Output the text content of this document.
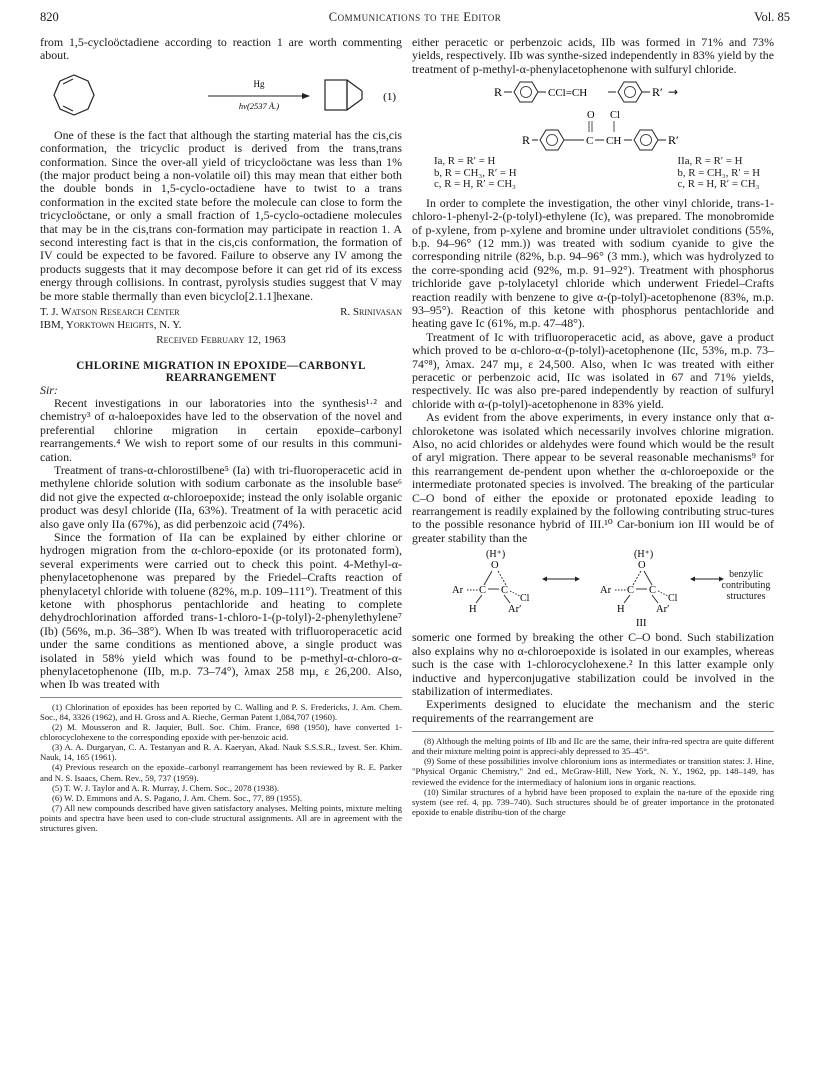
820	Communications to the Editor	Vol. 85

from 1,5-cycloöctadiene according to reaction 1 are worth commenting about.

Hg
hν(2537 Å.)
(1)

One of these is the fact that although the starting material has the cis,cis conformation, the tricyclic product is derived from the trans,trans conformation. Since the over-all yield of tricycloöctane was less than 1% (the major product being a non-volatile oil) this may mean that either both the double bonds in 1,5-cyclo-octadiene have to twist to a trans conformation in the excited state before the molecule can close to form the tricycloöctane, or only a small fraction of 1,5-cyclo-octadiene molecules that may be in the cis,trans con-formation may participate in reaction 1. A second interesting fact is that in the cis,cis conformation, the formation of IV could be expected to be favored. Failure to observe any IV among the products suggests that it may decompose before it can get rid of its excess energy through collisions. In contrast, pyrolysis studies suggest that V may be more stable thermally than even bicyclo[2.1.1]hexane.

T. J. Watson Research Center	R. Srinivasan

IBM, Yorktown Heights, N. Y.
Received February 12, 1963
CHLORINE MIGRATION IN EPOXIDE—CARBONYL REARRANGEMENT

Sir:

Recent investigations in our laboratories into the synthesis¹·² and chemistry³ of α-haloepoxides have led to the observation of the novel and preferential chlorine migration in certain epoxide–carbonyl rearrangements.⁴ We wish to report some of our results in this communi-cation.

Treatment of trans-α-chlorostilbene⁵ (Ia) with tri-fluoroperacetic acid in methylene chloride solution with sodium carbonate as the insoluble base⁶ did not give the expected α-chloroepoxide; instead the only isolable organic product was desyl chloride (IIa, 63%). Treatment of Ia with peracetic acid also gave only IIa (67%), as did perbenzoic acid (74%).

Since the formation of IIa can be explained by either chlorine or hydrogen migration from the α-chloro-epoxide (or its protonated form), several experiments were carried out to check this point. 4-Methyl-α-phenylacetophenone was prepared by the Friedel–Crafts reaction of phenylacetyl chloride with toluene (82%, m.p. 109–111°). Treatment of this ketone with phosphorus pentachloride and heating to complete dehydrochlorination afforded trans-1-chloro-1-(p-tolyl)-2-phenylethylene⁷ (Ib) (56%, m.p. 36–38°). When Ib was treated with trifluoroperacetic acid under the same conditions as mentioned above, a single product was isolated in 58% yield which was found to be p-methyl-α-chloro-α-phenylacetophenone (IIb, m.p. 73–74°), λmax 258 mμ, ε 26,200. Also, when Ib was treated with

(1) Chlorination of epoxides has been reported by C. Walling and P. S. Fredericks, J. Am. Chem. Soc., 84, 3326 (1962), and H. Gross and A. Rieche, German Patent 1,084,707 (1960).

(2) M. Mousseron and R. Jaquier, Bull. Soc. Chim. France, 698 (1950), have converted 1-chlorocyclohexene to the corresponding epoxide with per-benzoic acid.

(3) A. A. Durgaryan, C. A. Testanyan and R. A. Kaeryan, Akad. Nauk S.S.S.R., Izvest. Ser. Khim. Nauk, 14, 165 (1961).

(4) Previous research on the epoxide–carbonyl rearrangement has been reviewed by R. E. Parker and N. S. Isaacs, Chem. Rev., 59, 737 (1959).

(5) T. W. J. Taylor and A. R. Murray, J. Chem. Soc., 2078 (1938).

(6) W. D. Emmons and A. S. Pagano, J. Am. Chem. Soc., 77, 89 (1955).

(7) All new compounds described have given satisfactory analyses. Melting points, mixture melting points and spectra have been used to con-clude structural assignments. All are in agreement with the structures given.

either peracetic or perbenzoic acids, IIb was formed in 71% and 73% yields, respectively. IIb was synthe-sized independently in 83% yield by the treatment of p-methyl-α-phenylacetophenone with sulfuryl chloride.

R	CCl=CH	R′ →
O Cl
R	C CH	R′
Ia, R = R′ = H
b, R = CH₃, R′ = H
c, R = H, R′ = CH₃
IIa, R = R′ = H
b, R = CH₃, R′ = H
c, R = H, R′ = CH₃

In order to complete the investigation, the other vinyl chloride, trans-1-chloro-1-phenyl-2-(p-tolyl)-ethylene (Ic), was prepared. The monobromide of p-xylene, from p-xylene and bromine under ultraviolet conditions (55%, b.p. 94–96° (12 mm.)) was treated with sodium cyanide to give the corresponding nitrile (82%, b.p. 94–96° (3 mm.), which was hydrolyzed to the corre-sponding acid (92%, m.p. 91–92°). Treatment with phosphorus trichloride gave p-tolylacetyl chloride which underwent Friedel–Crafts reaction readily with benzene to give α-(p-tolyl)-acetophenone (83%, m.p. 93–95°). Reaction of this ketone with phosphorus pentachloride and heating gave Ic (61%, m.p. 47–48°).

Treatment of Ic with trifluoroperacetic acid, as above, gave a product which proved to be α-chloro-α-(p-tolyl)-acetophenone (IIc, 53%, m.p. 73–74°⁸), λmax. 247 mμ, ε 24,500. Also, when Ic was treated with either peracetic or perbenzoic acid, IIc was isolated in 67 and 71% yields, respectively. IIc was also pre-pared independently by reaction of sulfuryl chloride with α-(p-tolyl)-acetophenone in 83% yield.

As evident from the above experiments, in every instance only that α-chloroketone was isolated which necessarily involves chlorine migration. Also, no acid chlorides or aldehydes were found which would be the result of aryl migration. There appear to be several reasonable mechanisms⁹ for this rearrangement de-pendent upon whether the α-chloroepoxide or the intermediate protonated species is involved. The breaking of the particular C–O bond of either the epoxide or protonated epoxide leading to rearrangement is readily explained by the following contributing struc-tures to the possible resonance hybrid of III.¹⁰ Car-bonium ion III would be of greater stability than the

(H⁺)
O
Ar C C
Cl
H	Ar′
(H⁺)
O
Ar C C
Cl
H	Ar′
benzylic contributing structures
III

someric one formed by breaking the other C–O bond. Such stabilization also explains why no α-chloroepoxide is isolated in our examples, whereas such is the case with 1-chlorocyclohexene.² In this latter example only inductive and hyperconjugative stabilization could be involved in the stabilization of intermediates.

Experiments designed to elucidate the mechanism and the steric requirements of the rearrangement are

(8) Although the melting points of IIb and IIc are the same, their infra-red spectra are quite different and their mixture melting point is appreci-ably depressed to 35–45°.

(9) Some of these possibilities involve chloronium ions as intermediates or transition states: J. Hine, "Physical Organic Chemistry," 2nd ed., McGraw-Hill, New York, N. Y., 1962, pp. 148–149, has reviewed the evidence for the intermediacy of halonium ions in organic reactions.

(10) Similar structures of a hybrid have been proposed to explain the na-ture of the epoxide ring system (see ref. 4, pp. 739–740). Such structures should be of greater importance in the protonated epoxide to enable distribu-tion of the charge
